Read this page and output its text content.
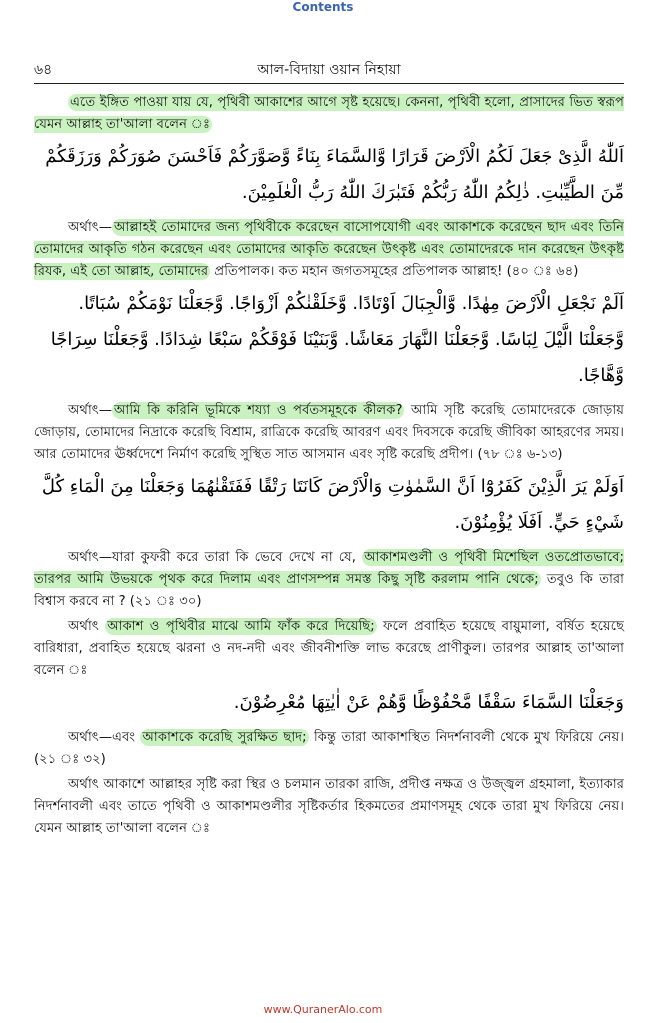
Contents
৬৪	আল-বিদায়া ওয়ান নিহায়া

এতে ইঙ্গিত পাওয়া যায় যে, পৃথিবী আকাশের আগে সৃষ্ট হয়েছে। কেননা, পৃথিবী হলো, প্রাসাদের ভিত স্বরূপ যেমন আল্লাহ তা'আলা বলেন ঃ

اَللّٰهُ الَّذِىْ جَعَلَ لَكُمُ الْاَرْضَ قَرَارًا وَّالسَّمَاءَ بِنَاءً وَّصَوَّرَكُمْ فَاَحْسَنَ صُوَرَكُمْ وَرَزَقَكُمْ مِّنَ الطَّيِّبٰتِ. ذٰلِكُمُ اللّٰهُ رَبُّكُمْ فَتَبٰرَكَ اللّٰهُ رَبُّ الْعٰلَمِيْنَ.

অর্থাৎ— আল্লাহই তোমাদের জন্য পৃথিবীকে করেছেন বাসোপযোগী এবং আকাশকে করেছেন ছাদ এবং তিনি তোমাদের আকৃতি গঠন করেছেন এবং তোমাদের আকৃতি করেছেন উৎকৃষ্ট এবং তোমাদেরকে দান করেছেন উৎকৃষ্ট রিযক, এই তো আল্লাহ, তোমাদের প্রতিপালক। কত মহান জগতসমূহের প্রতিপালক আল্লাহ! (৪০ ঃ ৬৪)

اَلَمْ نَجْعَلِ الْاَرْضَ مِهٰدًا. وَّالْجِبَالَ اَوْتَادًا. وَّخَلَقْنٰكُمْ اَزْوَاجًا. وَّجَعَلْنَا نَوْمَكُمْ سُبَاتًا. وَّجَعَلْنَا الَّيْلَ لِبَاسًا. وَّجَعَلْنَا النَّهَارَ مَعَاشًا. وَّبَنَيْنَا فَوْقَكُمْ سَبْعًا شِدَادًا. وَّجَعَلْنَا سِرَاجًا وَّهَّاجًا.

অর্থাৎ— আমি কি করিনি ভূমিকে শয্যা ও পর্বতসমূহকে কীলক? আমি সৃষ্টি করেছি তোমাদেরকে জোড়ায় জোড়ায়, তোমাদের নিদ্রাকে করেছি বিশ্রাম, রাত্রিকে করেছি আবরণ এবং দিবসকে করেছি জীবিকা আহরণের সময়। আর তোমাদের ঊর্ধ্বদেশে নির্মাণ করেছি সুস্থিত সাত আসমান এবং সৃষ্টি করেছি প্রদীপ। (৭৮ ঃ ৬-১৩)

اَوَلَمْ يَرَ الَّذِيْنَ كَفَرُوْٓا اَنَّ السَّمٰوٰتِ وَالْاَرْضَ كَانَتَا رَتْقًا فَفَتَقْنٰهُمَا وَجَعَلْنَا مِنَ الْمَاءِ كُلَّ شَيْءٍ حَيٍّ. اَفَلَا يُؤْمِنُوْنَ.

অর্থাৎ—যারা কুফরী করে তারা কি ভেবে দেখে না যে, আকাশমণ্ডলী ও পৃথিবী মিশেছিল ওতপ্রোতভাবে; তারপর আমি উভয়কে পৃথক করে দিলাম এবং প্রাণসম্পন্ন সমস্ত কিছু সৃষ্টি করলাম পানি থেকে; তবুও কি তারা বিশ্বাস করবে না ? (২১ ঃ ৩০)

অর্থাৎ আকাশ ও পৃথিবীর মাঝে আমি ফাঁক করে দিয়েছি; ফলে প্রবাহিত হয়েছে বায়ুমালা, বর্ষিত হয়েছে বারিধারা, প্রবাহিত হয়েছে ঝরনা ও নদ-নদী এবং জীবনীশক্তি লাভ করেছে প্রাণীকুল। তারপর আল্লাহ তা'আলা বলেন ঃ

وَجَعَلْنَا السَّمَاءَ سَقْفًا مَّحْفُوْظًا وَّهُمْ عَنْ اٰيٰتِهَا مُعْرِضُوْنَ.

অর্থাৎ—এবং আকাশকে করেছি সুরক্ষিত ছাদ; কিন্তু তারা আকাশস্থিত নিদর্শনাবলী থেকে মুখ ফিরিয়ে নেয়। (২১ ঃ ৩২)

অর্থাৎ আকাশে আল্লাহর সৃষ্টি করা স্থির ও চলমান তারকা রাজি, প্রদীপ্ত নক্ষত্র ও উজ্জ্বল গ্রহমালা, ইত্যাকার নিদর্শনাবলী এবং তাতে পৃথিবী ও আকাশমণ্ডলীর সৃষ্টিকর্তার হিকমতের প্রমাণসমূহ থেকে তারা মুখ ফিরিয়ে নেয়। যেমন আল্লাহ তা'আলা বলেন ঃ

www.QuranerAlo.com
